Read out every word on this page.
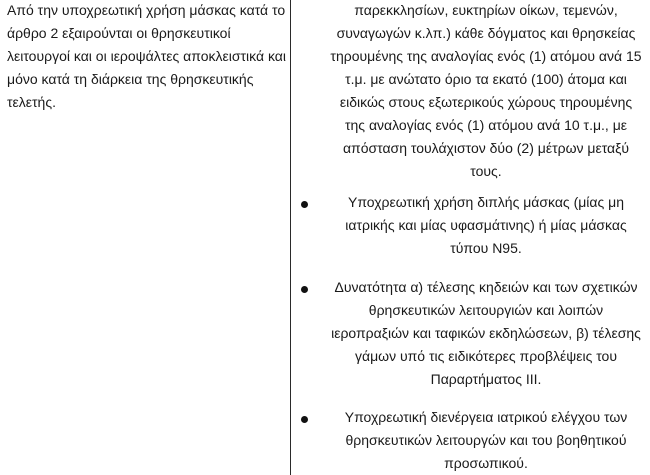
Από την υποχρεωτική χρήση μάσκας κατά το άρθρο 2 εξαιρούνται οι θρησκευτικοί λειτουργοί και οι ιεροψάλτες αποκλειστικά και μόνο κατά τη διάρκεια της θρησκευτικής τελετής.

παρεκκλησίων, ευκτηρίων οίκων, τεμενών, συναγωγών κ.λπ.) κάθε δόγματος και θρησκείας τηρουμένης της αναλογίας ενός (1) ατόμου ανά 15 τ.μ. με ανώτατο όριο τα εκατό (100) άτομα και ειδικώς στους εξωτερικούς χώρους τηρουμένης της αναλογίας ενός (1) ατόμου ανά 10 τ.μ., με απόσταση τουλάχιστον δύο (2) μέτρων μεταξύ τους.

Υποχρεωτική χρήση διπλής μάσκας (μίας μη ιατρικής και μίας υφασμάτινης) ή μίας μάσκας τύπου Ν95.

Δυνατότητα α) τέλεσης κηδειών και των σχετικών θρησκευτικών λειτουργιών και λοιπών ιεροπραξιών και ταφικών εκδηλώσεων, β) τέλεσης γάμων υπό τις ειδικότερες προβλέψεις του Παραρτήματος ΙΙΙ.

Υποχρεωτική διενέργεια ιατρικού ελέγχου των θρησκευτικών λειτουργών και του βοηθητικού προσωπικού.
